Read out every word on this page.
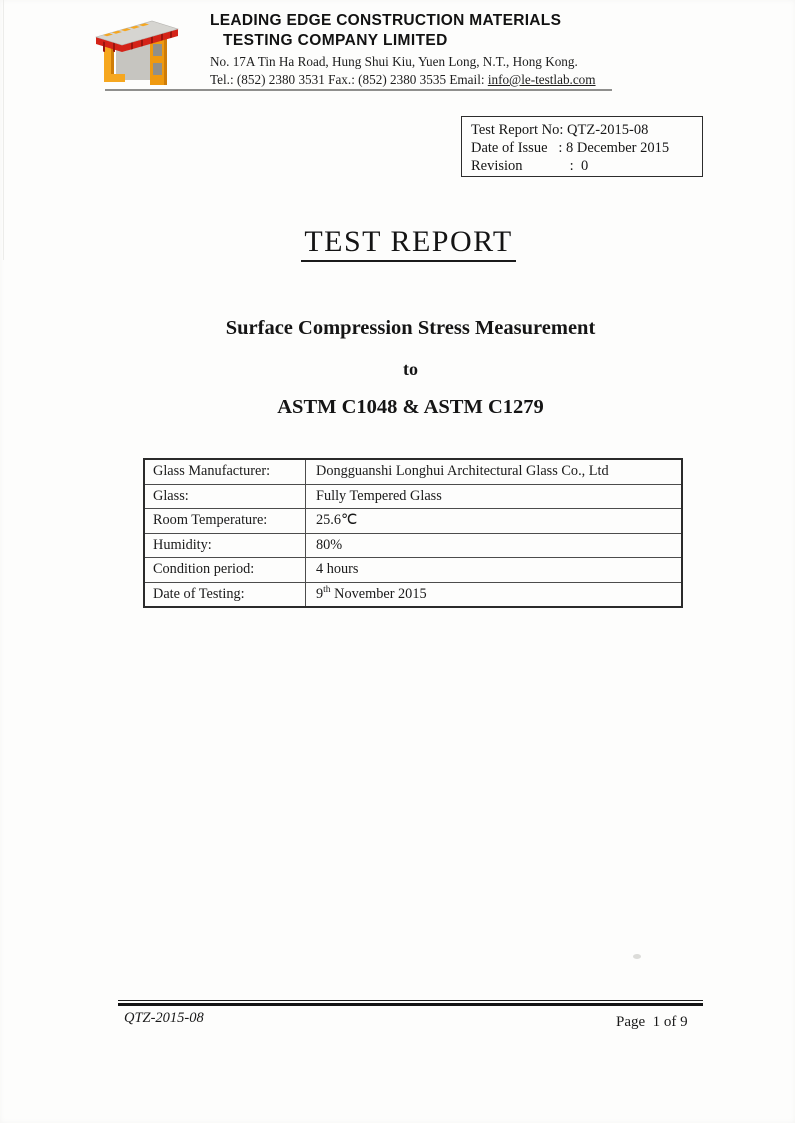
LEADING EDGE CONSTRUCTION MATERIALS
TESTING COMPANY LIMITED
No. 17A Tin Ha Road, Hung Shui Kiu, Yuen Long, N.T., Hong Kong.
Tel.: (852) 2380 3531 Fax.: (852) 2380 3535 Email: info@le-testlab.com
Test Report No: QTZ-2015-08
Date of Issue   : 8 December 2015
Revision             :  0
TEST REPORT
Surface Compression Stress Measurement
to
ASTM C1048 & ASTM C1279
Glass Manufacturer:	Dongguanshi Longhui Architectural Glass Co., Ltd
Glass:	Fully Tempered Glass
Room Temperature:	25.6℃
Humidity:	80%
Condition period:	4 hours
Date of Testing:	9th November 2015
QTZ-2015-08	Page  1 of 9
